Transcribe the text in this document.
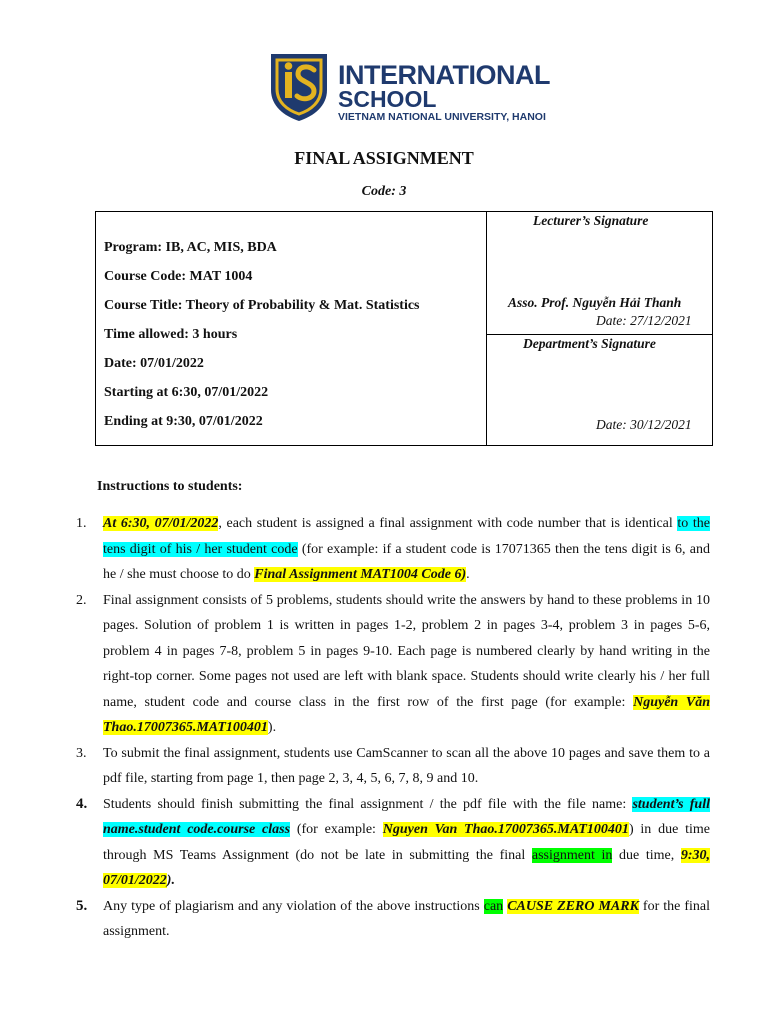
INTERNATIONAL
SCHOOL
VIETNAM NATIONAL UNIVERSITY, HANOI
FINAL ASSIGNMENT
Code: 3
Program: IB, AC, MIS, BDA
Course Code: MAT 1004
Course Title: Theory of Probability & Mat. Statistics
Time allowed: 3 hours
Date: 07/01/2022
Starting at 6:30, 07/01/2022
Ending at 9:30, 07/01/2022
Lecturer’s Signature
Asso. Prof. Nguyễn Hải Thanh
Date: 27/12/2021
Department’s Signature
Date: 30/12/2021
Instructions to students:
1. At 6:30, 07/01/2022, each student is assigned a final assignment with code number that is identical to the tens digit of his / her student code (for example: if a student code is 17071365 then the tens digit is 6, and he / she must choose to do Final Assignment MAT1004 Code 6).
2. Final assignment consists of 5 problems, students should write the answers by hand to these problems in 10 pages. Solution of problem 1 is written in pages 1-2, problem 2 in pages 3-4, problem 3 in pages 5-6, problem 4 in pages 7-8, problem 5 in pages 9-10. Each page is numbered clearly by hand writing in the right-top corner. Some pages not used are left with blank space. Students should write clearly his / her full name, student code and course class in the first row of the first page (for example: Nguyễn Văn Thao.17007365.MAT100401).
3. To submit the final assignment, students use CamScanner to scan all the above 10 pages and save them to a pdf file, starting from page 1, then page 2, 3, 4, 5, 6, 7, 8, 9 and 10.
4. Students should finish submitting the final assignment / the pdf file with the file name: student’s full name.student code.course class (for example: Nguyen Van Thao.17007365.MAT100401) in due time through MS Teams Assignment (do not be late in submitting the final assignment in due time, 9:30, 07/01/2022).
5. Any type of plagiarism and any violation of the above instructions can CAUSE ZERO MARK for the final assignment.
